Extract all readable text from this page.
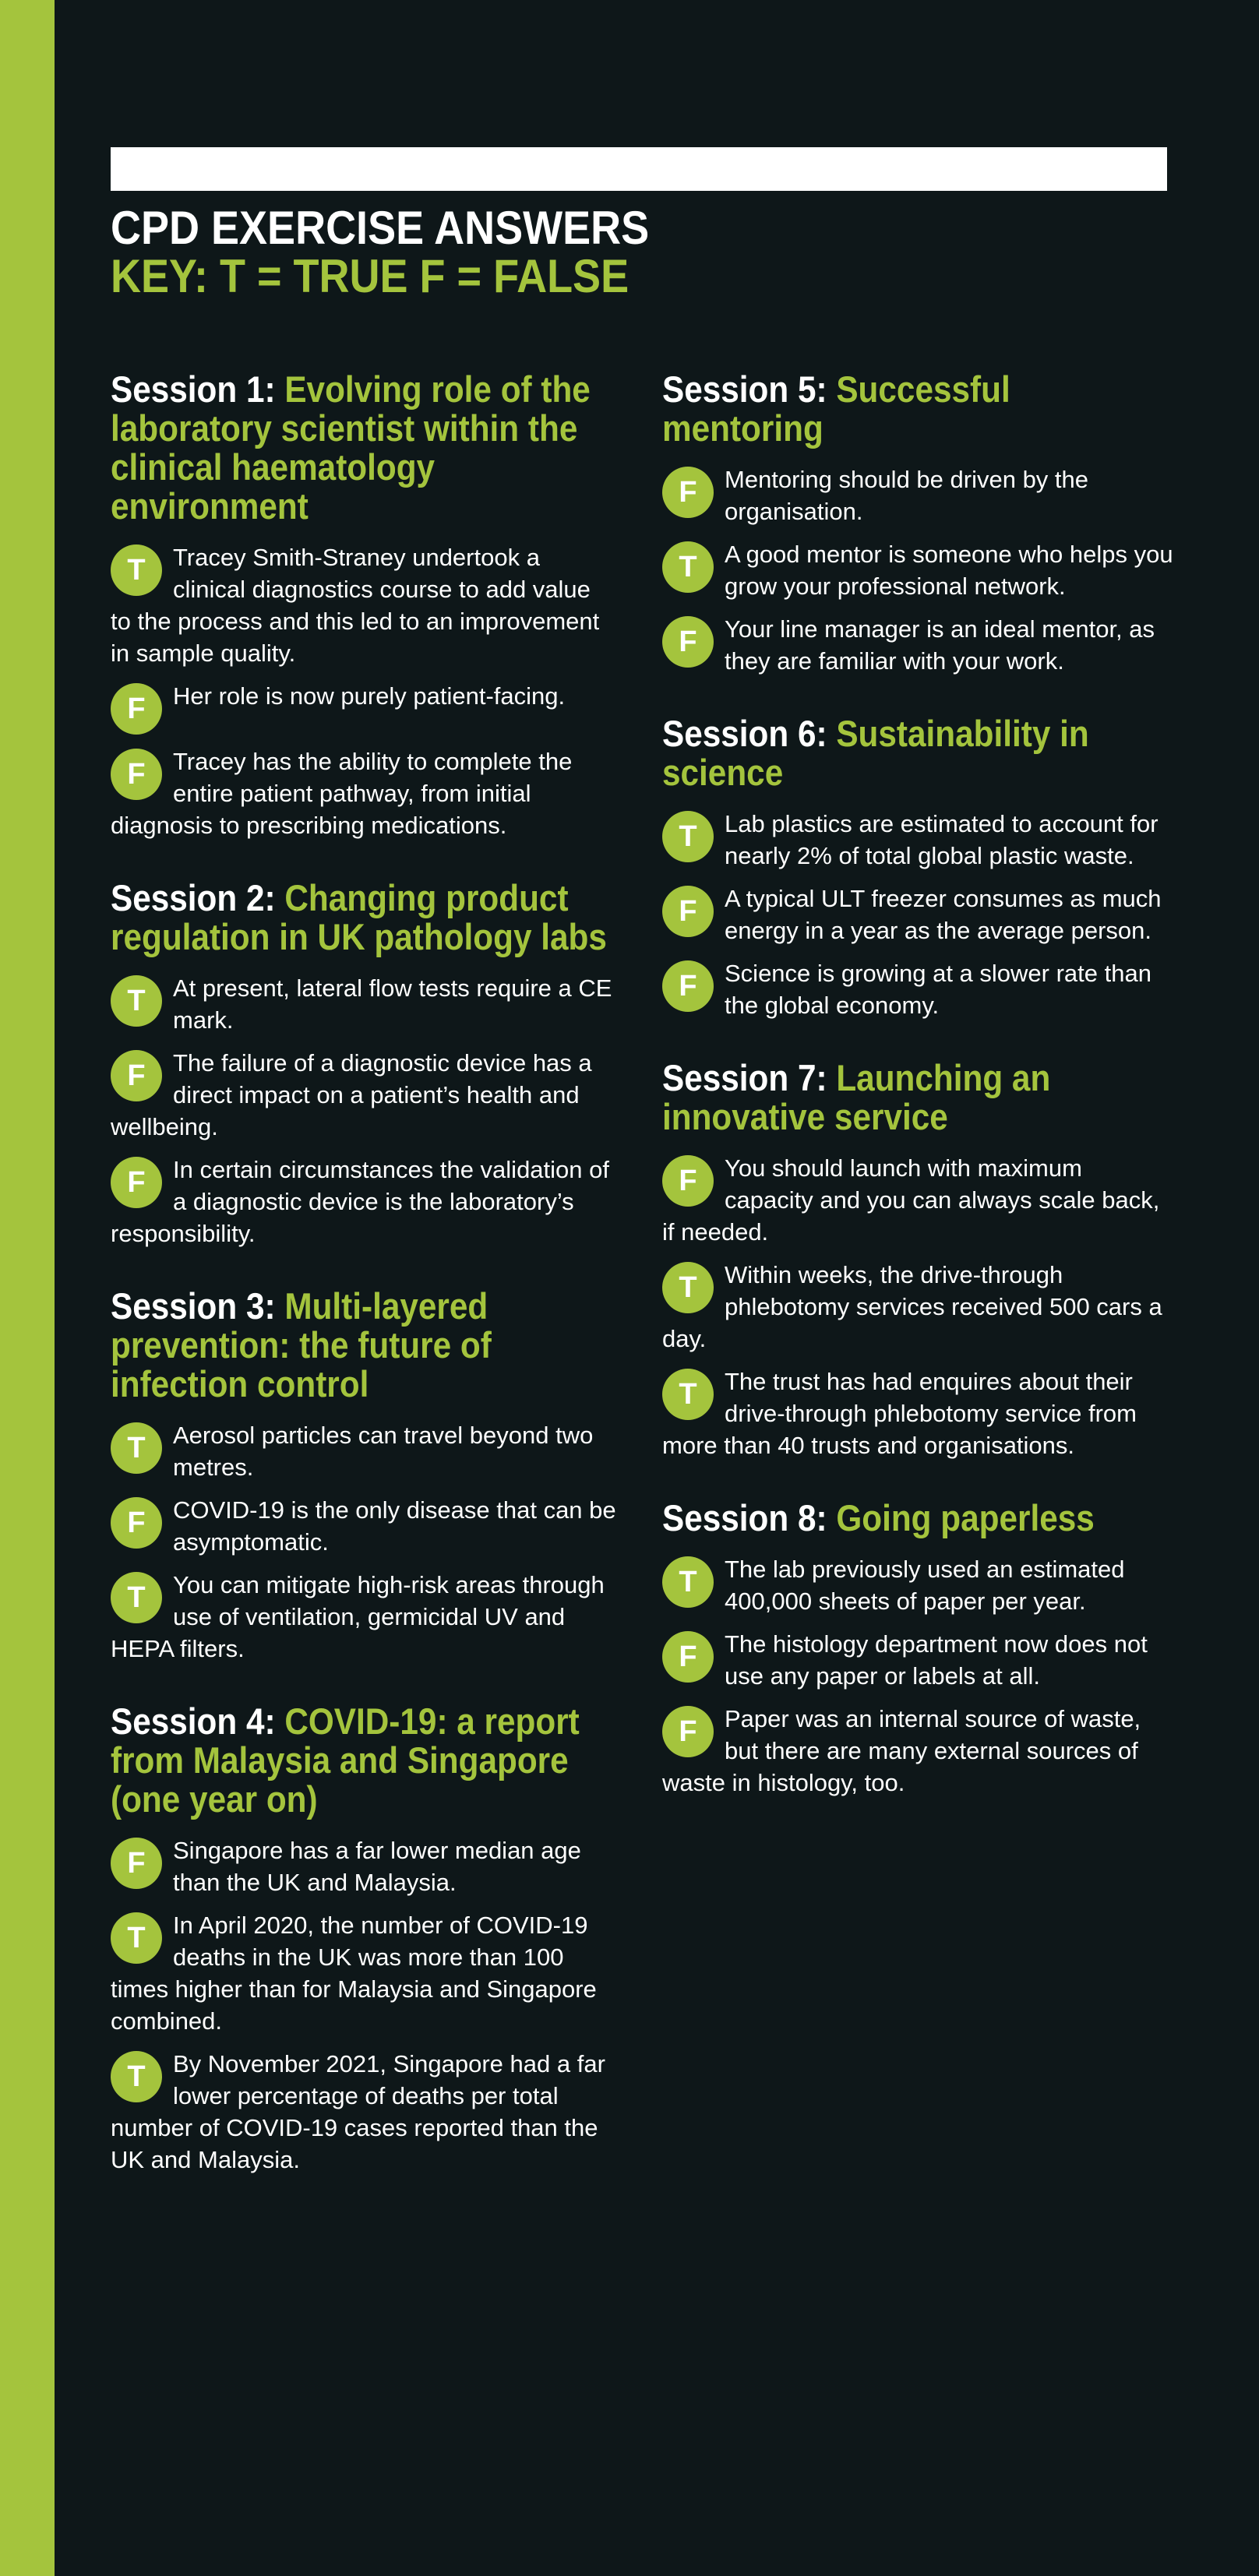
CPD EXERCISE ANSWERS
KEY: T = TRUE F = FALSE
Session 1: Evolving role of the laboratory scientist within the clinical haematology environment
T	Tracey Smith-Straney undertook a clinical diagnostics course to add value to the process and this led to an improvement in sample quality.
F	Her role is now purely patient-facing.
F	Tracey has the ability to complete the entire patient pathway, from initial diagnosis to prescribing medications.
Session 2: Changing product regulation in UK pathology labs
T	At present, lateral flow tests require a CE mark.
F	The failure of a diagnostic device has a direct impact on a patient’s health and wellbeing.
F	In certain circumstances the validation of a diagnostic device is the laboratory’s responsibility.
Session 3: Multi-layered prevention: the future of infection control
T	Aerosol particles can travel beyond two metres.
F	COVID-19 is the only disease that can be asymptomatic.
T	You can mitigate high-risk areas through use of ventilation, germicidal UV and HEPA filters.
Session 4: COVID-19: a report from Malaysia and Singapore (one year on)
F	Singapore has a far lower median age than the UK and Malaysia.
T	In April 2020, the number of COVID-19 deaths in the UK was more than 100 times higher than for Malaysia and Singapore combined.
T	By November 2021, Singapore had a far lower percentage of deaths per total number of COVID-19 cases reported than the UK and Malaysia.
Session 5: Successful mentoring
F	Mentoring should be driven by the organisation.
T	A good mentor is someone who helps you grow your professional network.
F	Your line manager is an ideal mentor, as they are familiar with your work.
Session 6: Sustainability in science
T	Lab plastics are estimated to account for nearly 2% of total global plastic waste.
F	A typical ULT freezer consumes as much energy in a year as the average person.
F	Science is growing at a slower rate than the global economy.
Session 7: Launching an innovative service
F	You should launch with maximum capacity and you can always scale back, if needed.
T	Within weeks, the drive-through phlebotomy services received 500 cars a day.
T	The trust has had enquires about their drive-through phlebotomy service from more than 40 trusts and organisations.
Session 8: Going paperless
T	The lab previously used an estimated 400,000 sheets of paper per year.
F	The histology department now does not use any paper or labels at all.
F	Paper was an internal source of waste, but there are many external sources of waste in histology, too.
